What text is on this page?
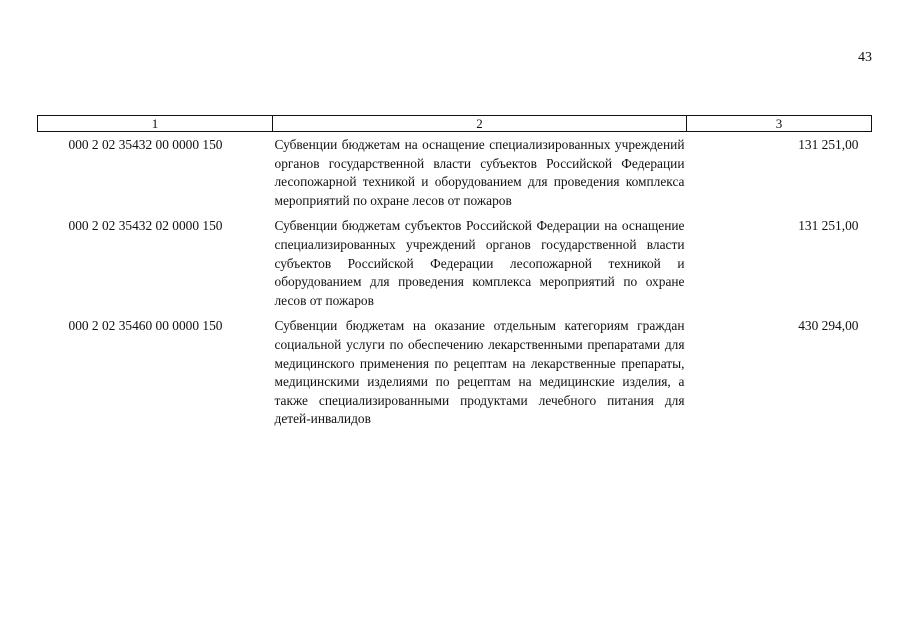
43
1	2	3
000 2 02 35432 00 0000 150	Субвенции бюджетам на оснащение специализированных учреждений органов государственной власти субъектов Российской Федерации лесопожарной техникой и оборудованием для проведения комплекса мероприятий по охране лесов от пожаров	131 251,00
000 2 02 35432 02 0000 150	Субвенции бюджетам субъектов Российской Федерации на оснащение специализированных учреждений органов государственной власти субъектов Российской Федерации лесопожарной техникой и оборудованием для проведения комплекса мероприятий по охране лесов от пожаров	131 251,00
000 2 02 35460 00 0000 150	Субвенции бюджетам на оказание отдельным категориям граждан социальной услуги по обеспечению лекарственными препаратами для медицинского применения по рецептам на лекарственные препараты, медицинскими изделиями по рецептам на медицинские изделия, а также специализированными продуктами лечебного питания для детей-инвалидов	430 294,00
